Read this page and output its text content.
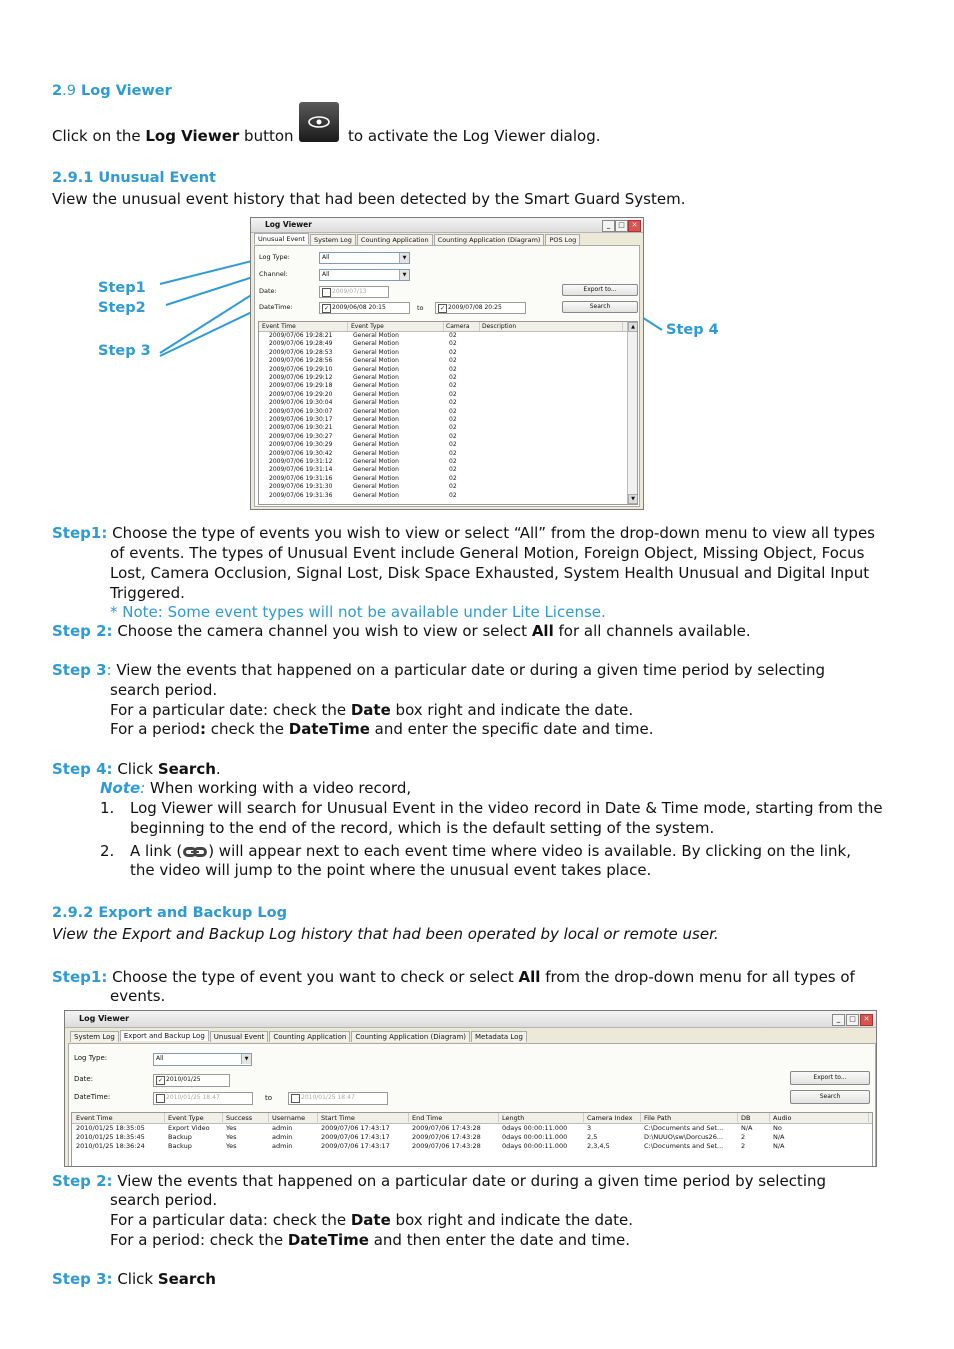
2.9 Log Viewer
Click on the Log Viewer button	to activate the Log Viewer dialog.
2.9.1 Unusual Event
View the unusual event history that had been detected by the Smart Guard System.
Step1
Step2
Step 3
Step 4
Log Viewer	_	□ ✕
Unusual Event System Log Counting Application Counting Application (Diagram) POS Log
Log Type:	All	▼
Channel:	All	▼
Date:	2009/07/13
DateTime:	✓ 2009/06/08 20:15	to	✓ 2009/07/08 20:25
Export to...
Search
Event Time	Event Type	Camera	Description
2009/07/06 19:28:21	General Motion	02
2009/07/06 19:28:49	General Motion	02
2009/07/06 19:28:53	General Motion	02
2009/07/06 19:28:56	General Motion	02
2009/07/06 19:29:10	General Motion	02
2009/07/06 19:29:12	General Motion	02
2009/07/06 19:29:18	General Motion	02
2009/07/06 19:29:20	General Motion	02
2009/07/06 19:30:04	General Motion	02
2009/07/06 19:30:07	General Motion	02
2009/07/06 19:30:17	General Motion	02
2009/07/06 19:30:21	General Motion	02
2009/07/06 19:30:27	General Motion	02
2009/07/06 19:30:29	General Motion	02
2009/07/06 19:30:42	General Motion	02
2009/07/06 19:31:12	General Motion	02
2009/07/06 19:31:14	General Motion	02
2009/07/06 19:31:16	General Motion	02
2009/07/06 19:31:30	General Motion	02
2009/07/06 19:31:36	General Motion	02
▲
▼
Step1: Choose the type of events you wish to view or select “All” from the drop-down menu to view all types
of events. The types of Unusual Event include General Motion, Foreign Object, Missing Object, Focus
Lost, Camera Occlusion, Signal Lost, Disk Space Exhausted, System Health Unusual and Digital Input
Triggered.
* Note: Some event types will not be available under Lite License.
Step 2: Choose the camera channel you wish to view or select All for all channels available.
Step 3: View the events that happened on a particular date or during a given time period by selecting
search period.
For a particular date: check the Date box right and indicate the date.
For a period: check the DateTime and enter the specific date and time.
Step 4: Click Search.
Note: When working with a video record,
1. Log Viewer will search for Unusual Event in the video record in Date & Time mode, starting from the
beginning to the end of the record, which is the default setting of the system.
2. A link ( ) will appear next to each event time where video is available. By clicking on the link,
the video will jump to the point where the unusual event takes place.
2.9.2 Export and Backup Log
View the Export and Backup Log history that had been operated by local or remote user.
Step1: Choose the type of event you want to check or select All from the drop-down menu for all types of
events.
Log Viewer	_	□	✕
System Log Export and Backup Log Unusual Event Counting Application Counting Application (Diagram) Metadata Log
Log Type:	All	▼
Date:	✓ 2010/01/25
DateTime:	2010/01/25 18:47	to	2010/01/25 18:47
Export to...
Search
Event Time	Event Type	Success	Username	Start Time	End Time	Length	Camera Index	File Path	DB	Audio
2010/01/25 18:35:05	Export Video	Yes	admin	2009/07/06 17:43:17	2009/07/06 17:43:28	0days 00:00:11.000	3	C:\Documents and Set...	N/A	No
2010/01/25 18:35:45	Backup	Yes	admin	2009/07/06 17:43:17	2009/07/06 17:43:28	0days 00:00:11.000	2,5	D:\NUUO\sw\Dorcus26...	2	N/A
2010/01/25 18:36:24	Backup	Yes	admin	2009/07/06 17:43:17	2009/07/06 17:43:28	0days 00:00:11.000	2,3,4,5	C:\Documents and Set...	2	N/A
Step 2: View the events that happened on a particular date or during a given time period by selecting
search period.
For a particular data: check the Date box right and indicate the date.
For a period: check the DateTime and then enter the date and time.
Step 3: Click Search
